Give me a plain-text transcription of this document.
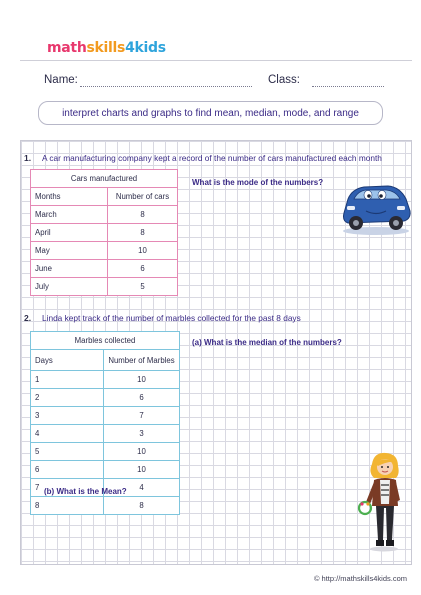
mathskills4kids
Name:	Class:
interpret charts and graphs to find mean, median, mode, and range
1. A car manufacturing company kept a record of the number of cars manufactured each month
Cars manufactured	
Months	Number of cars
March	8
April	8
May	10
June	6
July	5
What is the mode of the numbers?
2. Linda kept track of the number of marbles collected for the past 8 days
Marbles collected	
Days	Number of Marbles
1	10
2	6
3	7
4	3
5	10
6	10
7	4
8	8
(a) What is the median of the numbers?
(b) What is the Mean?
© http://mathskills4kids.com
